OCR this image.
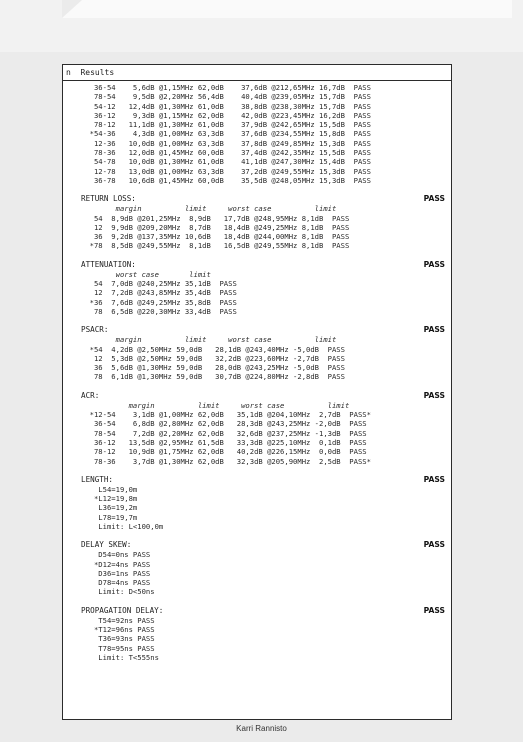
n  Results
36-54    5,6dB @1,15MHz 62,0dB    37,6dB @212,65MHz 16,7dB  PASS
78-54    9,5dB @2,20MHz 56,4dB    40,4dB @239,05MHz 15,7dB  PASS
54-12   12,4dB @1,30MHz 61,0dB    38,8dB @238,30MHz 15,7dB  PASS
36-12    9,3dB @1,15MHz 62,0dB    42,0dB @223,45MHz 16,2dB  PASS
78-12   11,1dB @1,30MHz 61,0dB    37,9dB @242,65MHz 15,5dB  PASS
*54-36    4,3dB @1,00MHz 63,3dB    37,6dB @234,55MHz 15,8dB  PASS
12-36   10,0dB @1,00MHz 63,3dB    37,8dB @249,85MHz 15,3dB  PASS
78-36   12,0dB @1,45MHz 60,0dB    37,4dB @242,35MHz 15,5dB  PASS
54-78   10,0dB @1,30MHz 61,0dB    41,1dB @247,30MHz 15,4dB  PASS
12-78   13,0dB @1,00MHz 63,3dB    37,2dB @249,55MHz 15,3dB  PASS
36-78   10,6dB @1,45MHz 60,0dB    35,5dB @248,05MHz 15,3dB  PASS
RETURN LOSS:	PASS
margin          limit     worst case          limit
54  8,9dB @201,25MHz  8,9dB   17,7dB @248,95MHz 8,1dB  PASS
12  9,9dB @209,20MHz  8,7dB   18,4dB @249,25MHz 8,1dB  PASS
36  9,2dB @137,35MHz 10,6dB   18,4dB @244,00MHz 8,1dB  PASS
*78  8,5dB @249,55MHz  8,1dB   16,5dB @249,55MHz 8,1dB  PASS
ATTENUATION:	PASS
worst case       limit
54  7,0dB @240,25MHz 35,1dB  PASS
12  7,2dB @243,85MHz 35,4dB  PASS
*36  7,6dB @249,25MHz 35,8dB  PASS
78  6,5dB @220,30MHz 33,4dB  PASS
PSACR:	PASS
margin          limit     worst case          limit
*54  4,2dB @2,50MHz 59,0dB   28,1dB @243,40MHz -5,0dB  PASS
12  5,3dB @2,50MHz 59,0dB   32,2dB @223,60MHz -2,7dB  PASS
36  5,6dB @1,30MHz 59,0dB   28,0dB @243,25MHz -5,0dB  PASS
78  6,1dB @1,30MHz 59,0dB   30,7dB @224,80MHz -2,8dB  PASS
ACR:	PASS
margin          limit     worst case          limit
*12-54    3,1dB @1,00MHz 62,0dB   35,1dB @204,10MHz  2,7dB  PASS*
36-54    6,8dB @2,80MHz 62,0dB   28,3dB @243,25MHz -2,0dB  PASS
78-54    7,2dB @2,20MHz 62,0dB   32,6dB @237,25MHz -1,3dB  PASS
36-12   13,5dB @2,95MHz 61,5dB   33,3dB @225,10MHz  0,1dB  PASS
78-12   10,9dB @1,75MHz 62,0dB   40,2dB @226,15MHz  0,0dB  PASS
78-36    3,7dB @1,30MHz 62,0dB   32,3dB @205,90MHz  2,5dB  PASS*
LENGTH:	PASS
L54=19,0m
*L12=19,8m
L36=19,2m
L78=19,7m
Limit: L<100,0m
DELAY SKEW:	PASS
D54=0ns PASS
*D12=4ns PASS
D36=1ns PASS
D78=4ns PASS
Limit: D<50ns
PROPAGATION DELAY:	PASS
T54=92ns PASS
*T12=96ns PASS
T36=93ns PASS
T78=95ns PASS
Limit: T<555ns
Karri Rannisto
